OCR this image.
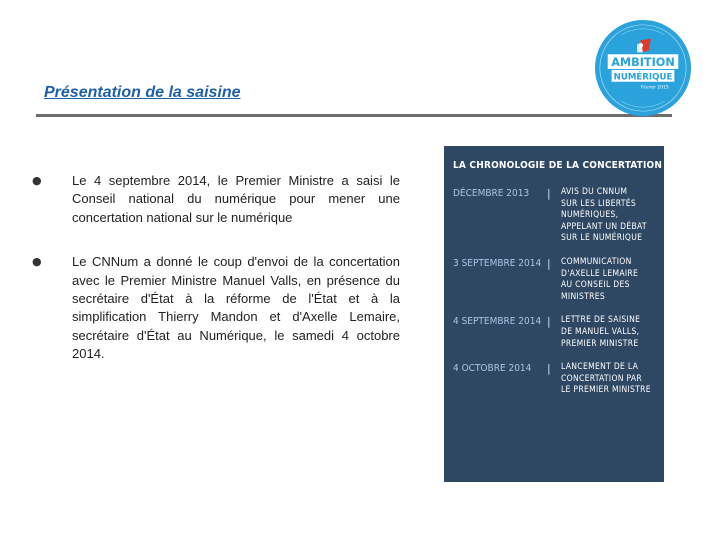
Présentation de la saisine
AMBITION
NUMÉRIQUE
Février 2015
● Le 4 septembre 2014, le Premier Ministre a saisi le Conseil national du numérique pour mener une concertation national sur le numérique

● Le CNNum a donné le coup d'envoi de la concertation avec le Premier Ministre Manuel Valls, en présence du secrétaire d'État à la réforme de l'État et à la simplification Thierry Mandon et d'Axelle Lemaire, secrétaire d'État au Numérique, le samedi 4 octobre 2014.

LA CHRONOLOGIE DE LA CONCERTATION
DÉCEMBRE 2013	|	AVIS DU CNNUM
SUR LES LIBERTÉS
NUMÉRIQUES,
APPELANT UN DÉBAT
SUR LE NUMÉRIQUE
3 SEPTEMBRE 2014 |	COMMUNICATION
D'AXELLE LEMAIRE
AU CONSEIL DES
MINISTRES
4 SEPTEMBRE 2014 |	LETTRE DE SAISINE
DE MANUEL VALLS,
PREMIER MINISTRE
4 OCTOBRE 2014	|	LANCEMENT DE LA
CONCERTATION PAR
LE PREMIER MINISTRE
